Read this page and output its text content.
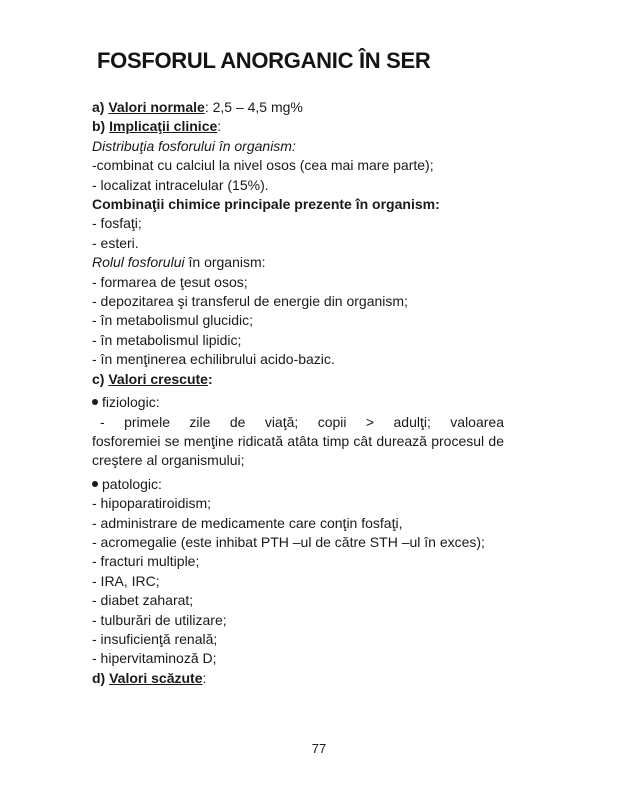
FOSFORUL ANORGANIC ÎN SER
a) Valori normale: 2,5 – 4,5 mg%
b) Implicaţii clinice:
Distribuţia fosforului în organism:
-combinat cu calciul la nivel osos (cea mai mare parte);
- localizat intracelular (15%).
Combinaţii chimice principale prezente în organism:
- fosfaţi;
- esteri.
Rolul fosforului în organism:
- formarea de ţesut osos;
- depozitarea şi transferul de energie din organism;
- în metabolismul glucidic;
- în metabolismul lipidic;
- în menţinerea echilibrului acido-bazic.
c) Valori crescute:
fiziologic:
- primele zile de viaţă; copii > adulţi; valoarea
fosforemiei se menţine ridicată atâta timp cât durează procesul de creştere al organismului;
patologic:
- hipoparatiroidism;
- administrare de medicamente care conţin fosfaţi,
- acromegalie (este inhibat PTH –ul de către STH –ul în exces);
- fracturi multiple;
- IRA, IRC;
- diabet zaharat;
- tulburări de utilizare;
- insuficienţă renală;
- hipervitaminoză D;
d) Valori scăzute:
77
